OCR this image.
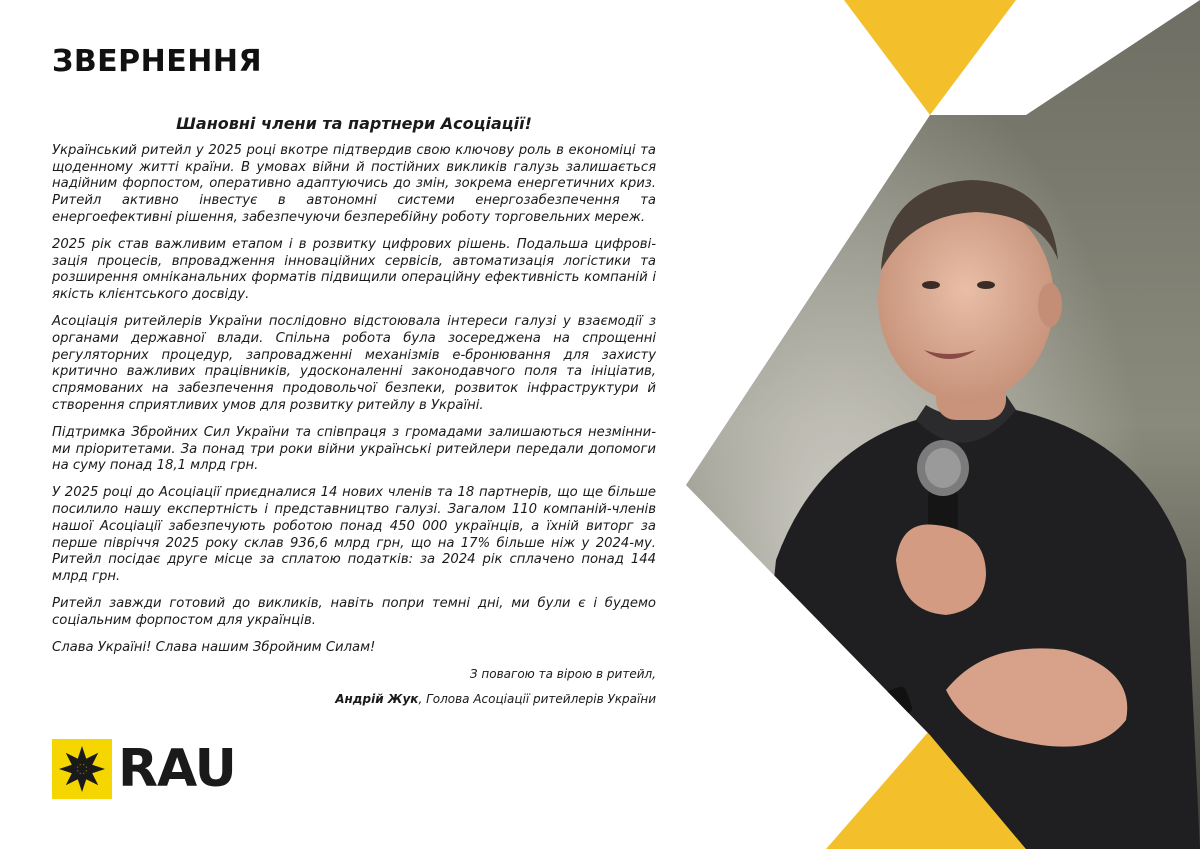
ЗВЕРНЕННЯ
Шановні члени та партнери Асоціації!

Український ритейл у 2025 році вкотре підтвердив свою ключову роль в економіці та щоденному житті країни. В умовах війни й постійних викликів галузь залишається надійним форпостом, оперативно адаптуючись до змін, зокрема енергетичних криз. Ритейл активно інвестує в автономні системи енергозабезпечення та енергоефективні рішення, забезпечуючи безперебійну роботу торговельних мереж.

2025 рік став важливим етапом і в розвитку цифрових рішень. Подальша цифрові-зація процесів, впровадження інноваційних сервісів, автоматизація логістики та розширення омніканальних форматів підвищили операційну ефективність компаній і якість клієнтського досвіду.

Асоціація ритейлерів України послідовно відстоювала інтереси галузі у взаємодії з органами державної влади. Спільна робота була зосереджена на спрощенні регуляторних процедур, запровадженні механізмів е-бронювання для захисту критично важливих працівників, удосконаленні законодавчого поля та ініціатив, спрямованих на забезпечення продовольчої безпеки, розвиток інфраструктури й створення сприятливих умов для розвитку ритейлу в Україні.

Підтримка Збройних Сил України та співпраця з громадами залишаються незмінни-ми пріоритетами. За понад три роки війни українські ритейлери передали допомоги на суму понад 18,1 млрд грн.

У 2025 році до Асоціації приєдналися 14 нових членів та 18 партнерів, що ще більше посилило нашу експертність і представництво галузі. Загалом 110 компаній-членів нашої Асоціації забезпечують роботою понад 450 000 українців, а їхній виторг за перше півріччя 2025 року склав 936,6 млрд грн, що на 17% більше ніж у 2024-му. Ритейл посідає друге місце за сплатою податків: за 2024 рік сплачено понад 144 млрд грн.

Ритейл завжди готовий до викликів, навіть попри темні дні, ми були є і будемо соціальним форпостом для українців.

Слава Україні! Слава нашим Збройним Силам!

З повагою та вірою в ритейл,
Андрій Жук, Голова Асоціації ритейлерів України
RAU
